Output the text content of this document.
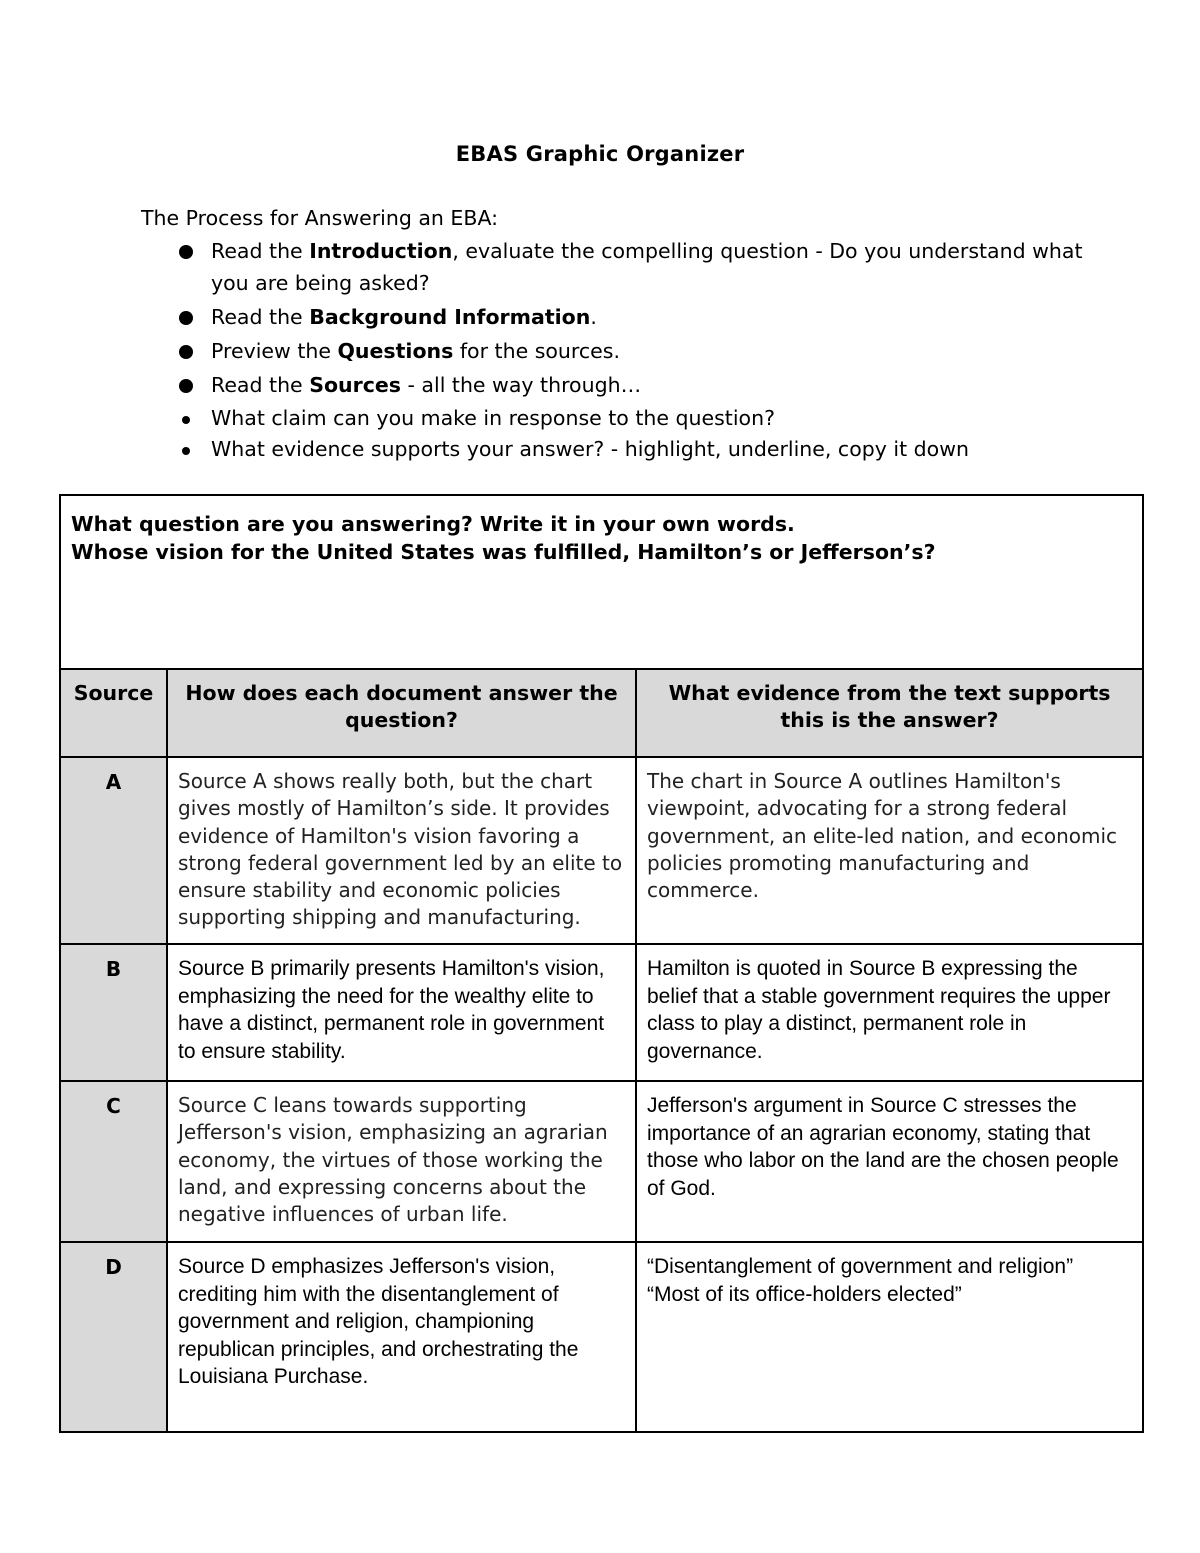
EBAS Graphic Organizer

The Process for Answering an EBA:

Read the Introduction, evaluate the compelling question - Do you understand what you are being asked?
Read the Background Information.
Preview the Questions for the sources.
Read the Sources - all the way through…
What claim can you make in response to the question?
What evidence supports your answer? - highlight, underline, copy it down
What question are you answering? Write it in your own words.
Whose vision for the United States was fulfilled, Hamilton’s or Jefferson’s?		

Source	How does each document answer the question?	What evidence from the text supports this is the answer?
A	Source A shows really both, but the chart gives mostly of Hamilton’s side. It provides evidence of Hamilton's vision favoring a strong federal government led by an elite to ensure stability and economic policies supporting shipping and manufacturing.	The chart in Source A outlines Hamilton's viewpoint, advocating for a strong federal government, an elite-led nation, and economic policies promoting manufacturing and commerce.
B	Source B primarily presents Hamilton's vision, emphasizing the need for the wealthy elite to have a distinct, permanent role in government to ensure stability.	Hamilton is quoted in Source B expressing the belief that a stable government requires the upper class to play a distinct, permanent role in governance.
C	Source C leans towards supporting Jefferson's vision, emphasizing an agrarian economy, the virtues of those working the land, and expressing concerns about the negative influences of urban life.	Jefferson's argument in Source C stresses the importance of an agrarian economy, stating that those who labor on the land are the chosen people of God.
D	Source D emphasizes Jefferson's vision, crediting him with the disentanglement of government and religion, championing republican principles, and orchestrating the Louisiana Purchase.	“Disentanglement of government and religion”
“Most of its office-holders elected”
